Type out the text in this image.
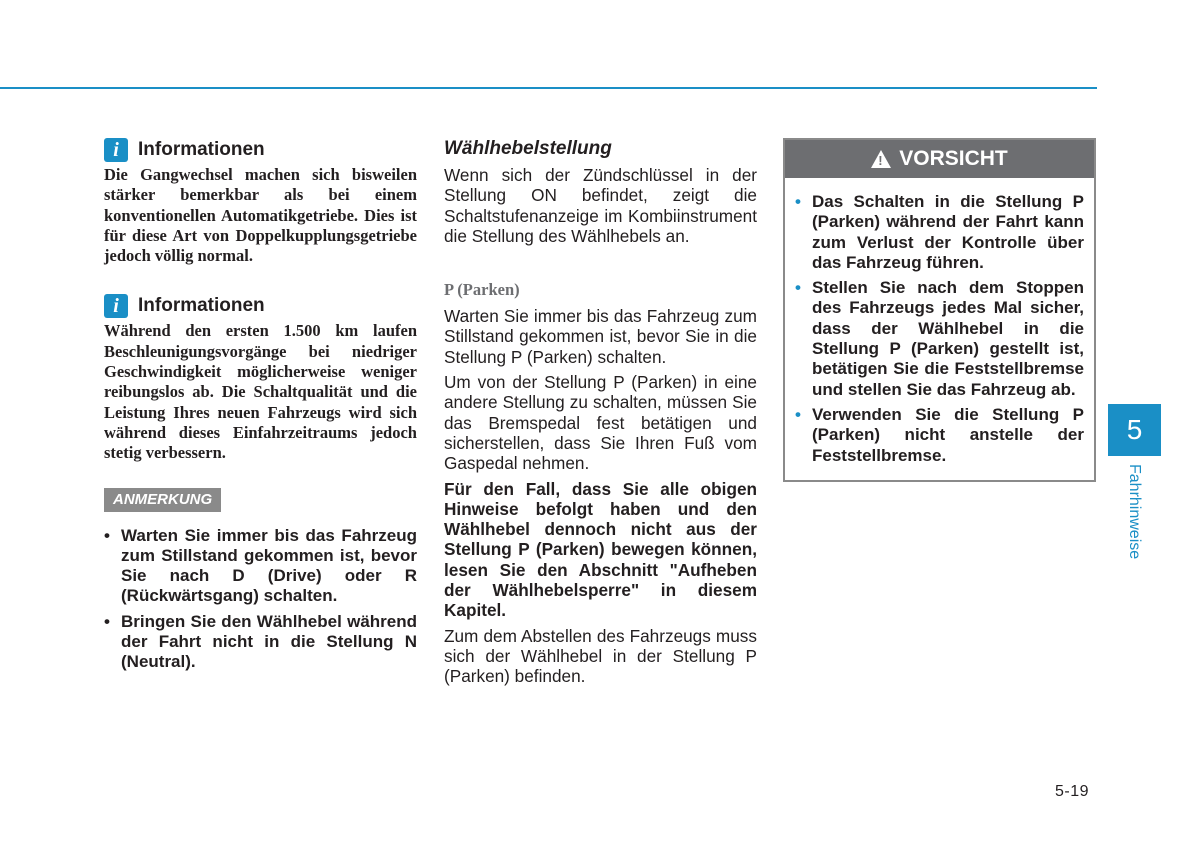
i	Informationen

Die Gangwechsel machen sich bisweilen stärker bemerkbar als bei einem konventionellen Automatikgetriebe. Dies ist für diese Art von Doppelkupplungsgetriebe jedoch völlig normal.

i	Informationen

Während den ersten 1.500 km laufen Beschleunigungsvorgänge bei niedriger Geschwindigkeit möglicherweise weniger reibungslos ab. Die Schaltqualität und die Leistung Ihres neuen Fahrzeugs wird sich während dieses Einfahrzeitraums jedoch stetig verbessern.

ANMERKUNG
• Warten Sie immer bis das Fahrzeug zum Stillstand gekommen ist, bevor Sie nach D (Drive) oder R (Rückwärtsgang) schalten.
• Bringen Sie den Wählhebel während der Fahrt nicht in die Stellung N (Neutral).

Wählhebelstellung

Wenn sich der Zündschlüssel in der Stellung ON befindet, zeigt die Schaltstufenanzeige im Kombiinstrument die Stellung des Wählhebels an.

P (Parken)

Warten Sie immer bis das Fahrzeug zum Stillstand gekommen ist, bevor Sie in die Stellung P (Parken) schalten.

Um von der Stellung P (Parken) in eine andere Stellung zu schalten, müssen Sie das Bremspedal fest betätigen und sicherstellen, dass Sie Ihren Fuß vom Gaspedal nehmen.

Für den Fall, dass Sie alle obigen Hinweise befolgt haben und den Wählhebel dennoch nicht aus der Stellung P (Parken) bewegen können, lesen Sie den Abschnitt "Aufheben der Wählhebelsperre" in diesem Kapitel.

Zum dem Abstellen des Fahrzeugs muss sich der Wählhebel in der Stellung P (Parken) befinden.

! VORSICHT
• Das Schalten in die Stellung P (Parken) während der Fahrt kann zum Verlust der Kontrolle über das Fahrzeug führen.
• Stellen Sie nach dem Stoppen des Fahrzeugs jedes Mal sicher, dass der Wählhebel in die Stellung P (Parken) gestellt ist, betätigen Sie die Feststellbremse und stellen Sie das Fahrzeug ab.
• Verwenden Sie die Stellung P (Parken) nicht anstelle der Feststellbremse.
5
Fahrhinweise
5-19
